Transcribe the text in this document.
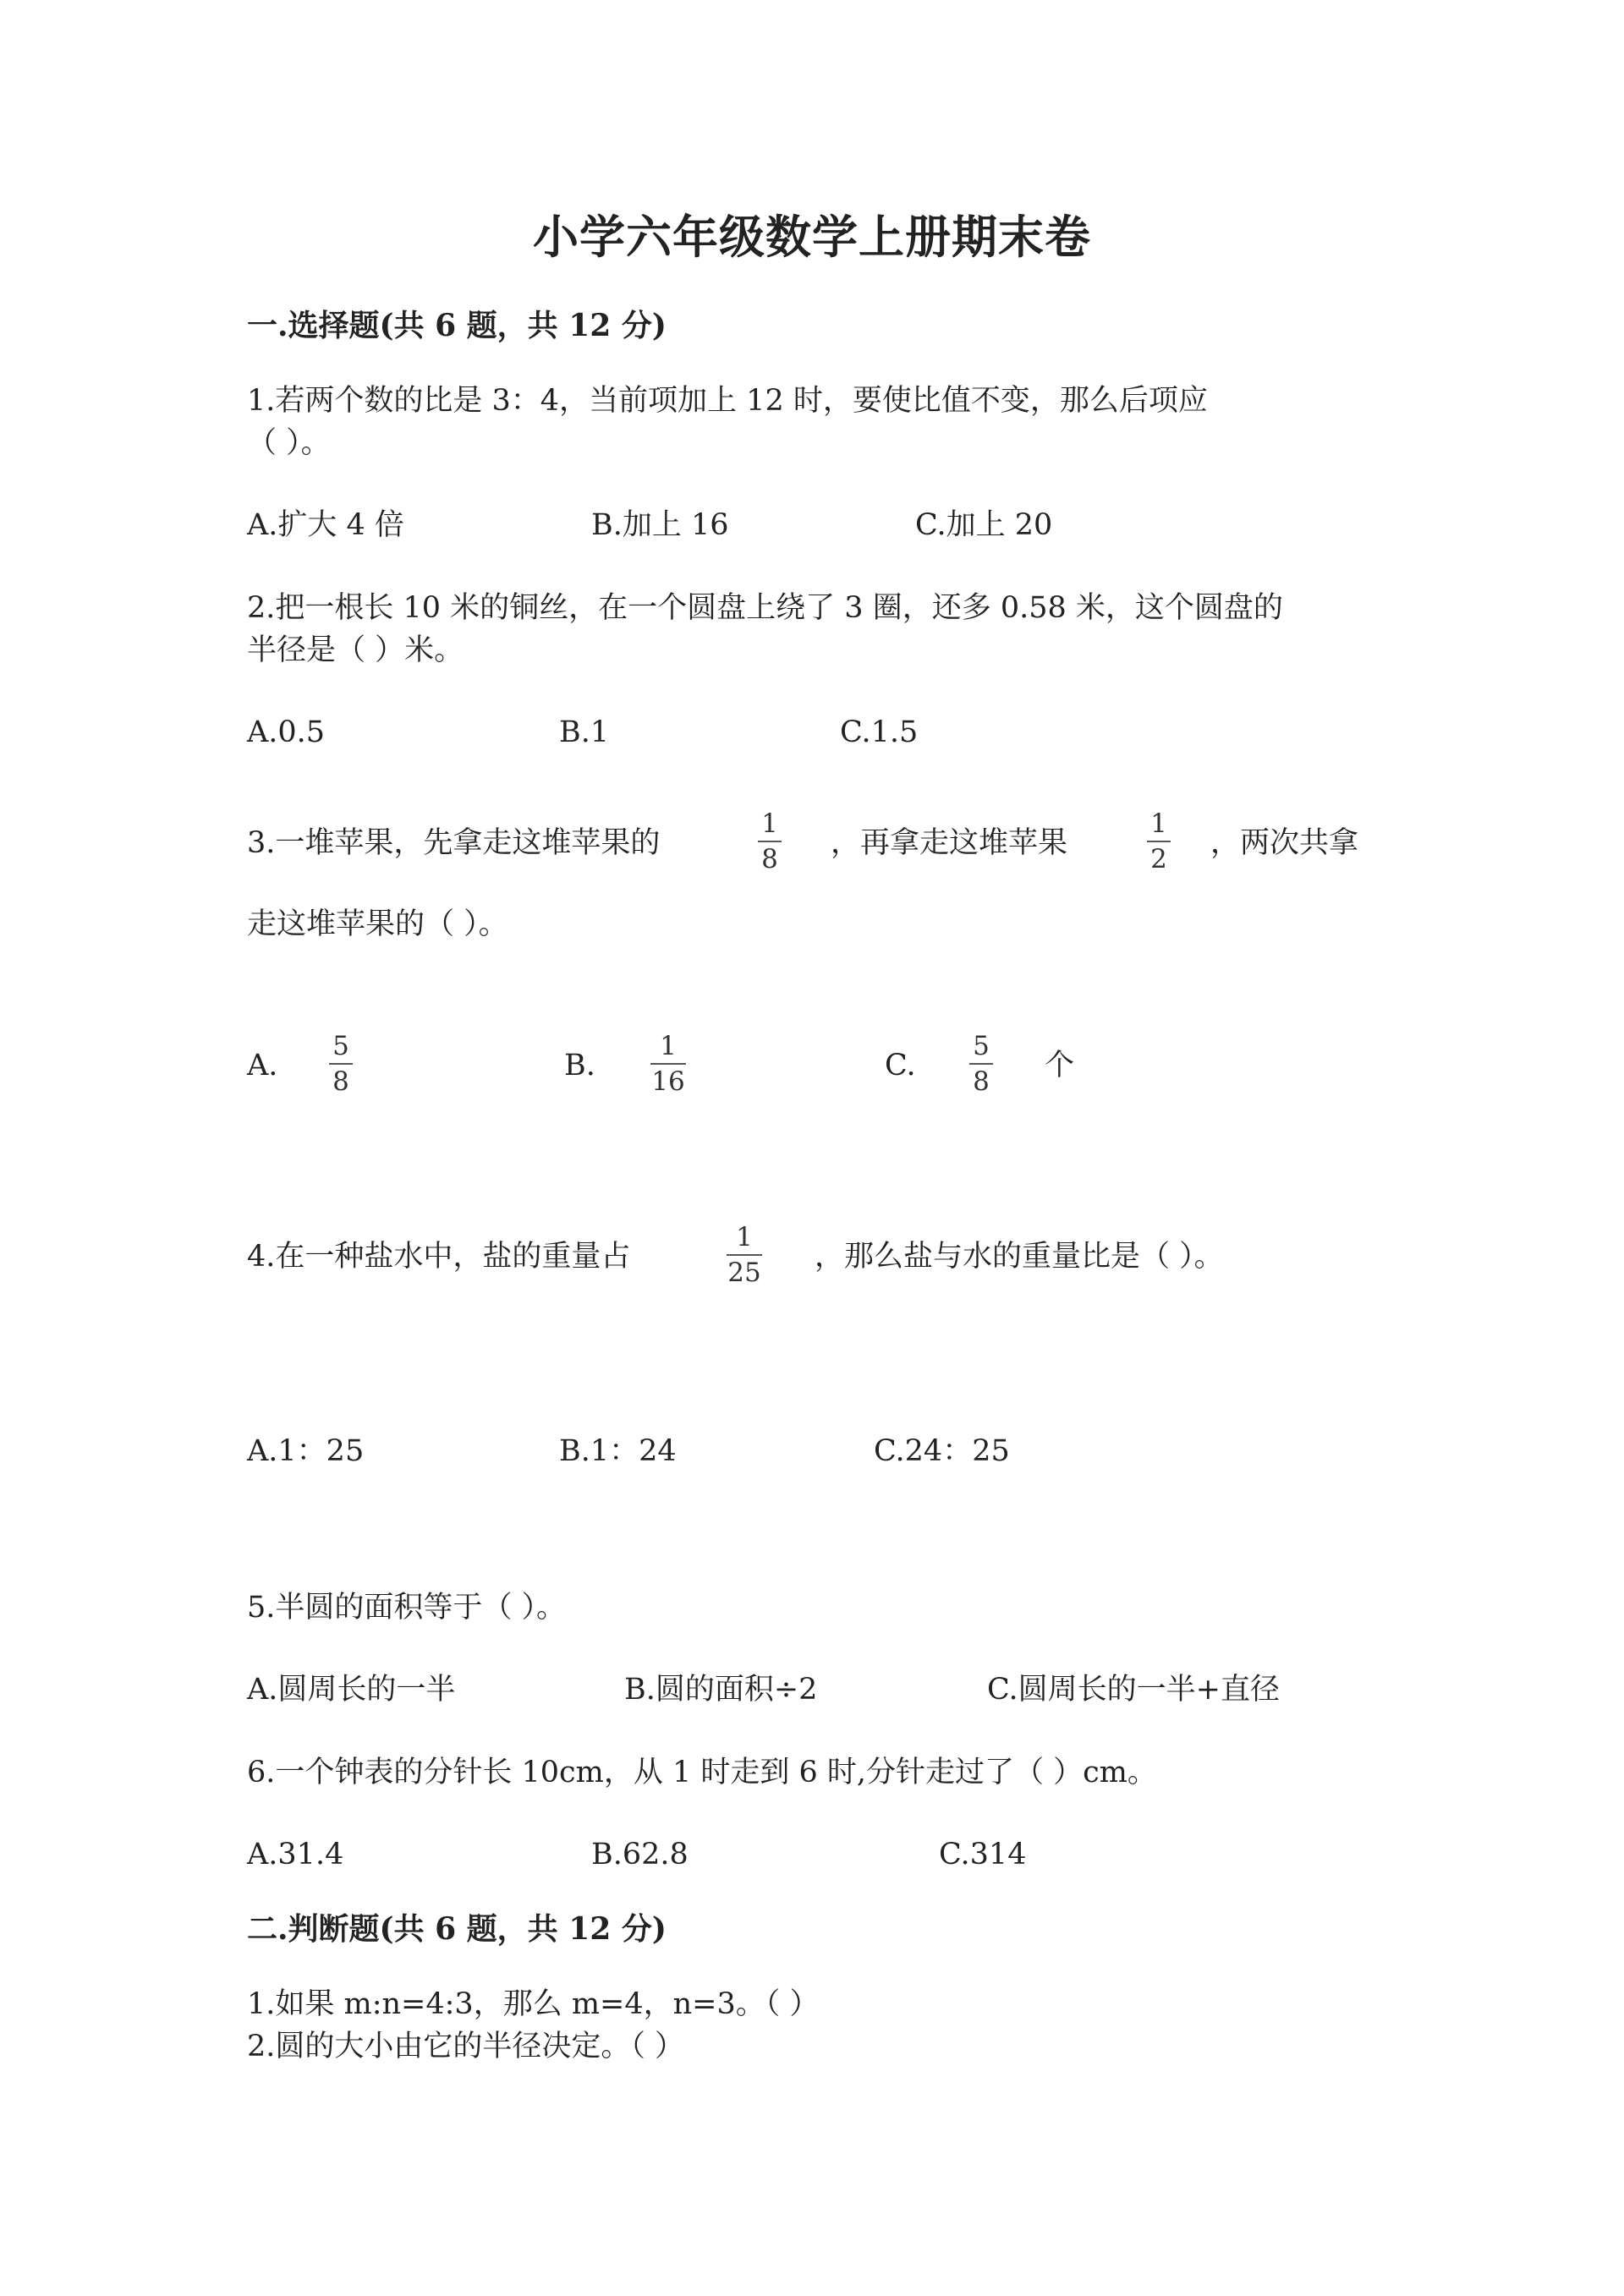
小学六年级数学上册期末卷
一.选择题(共 6 题，共 12 分)
1.若两个数的比是 3：4，当前项加上 12 时，要使比值不变，那么后项应
（ ）。
A.扩大 4 倍	B.加上 16	C.加上 20
2.把一根长 10 米的铜丝，在一个圆盘上绕了 3 圈，还多 0.58 米，这个圆盘的
半径是（ ）米。
A.0.5	B.1	C.1.5
3.一堆苹果，先拿走这堆苹果的
1
8 ，再拿走这堆苹果
1
2 ，两次共拿
走这堆苹果的（ ）。
A.
5
8	B.
1
16	C.
5
8 个
4.在一种盐水中，盐的重量占
1
25 ，那么盐与水的重量比是（ ）。
A.1：25	B.1：24	C.24：25
5.半圆的面积等于（ ）。
A.圆周长的一半	B.圆的面积÷2	C.圆周长的一半+直径
6.一个钟表的分针长 10cm，从 1 时走到 6 时,分针走过了（ ）cm。
A.31.4	B.62.8	C.314
二.判断题(共 6 题，共 12 分)
1.如果 m:n=4:3，那么 m=4，n=3。（ ）
2.圆的大小由它的半径决定。（ ）
